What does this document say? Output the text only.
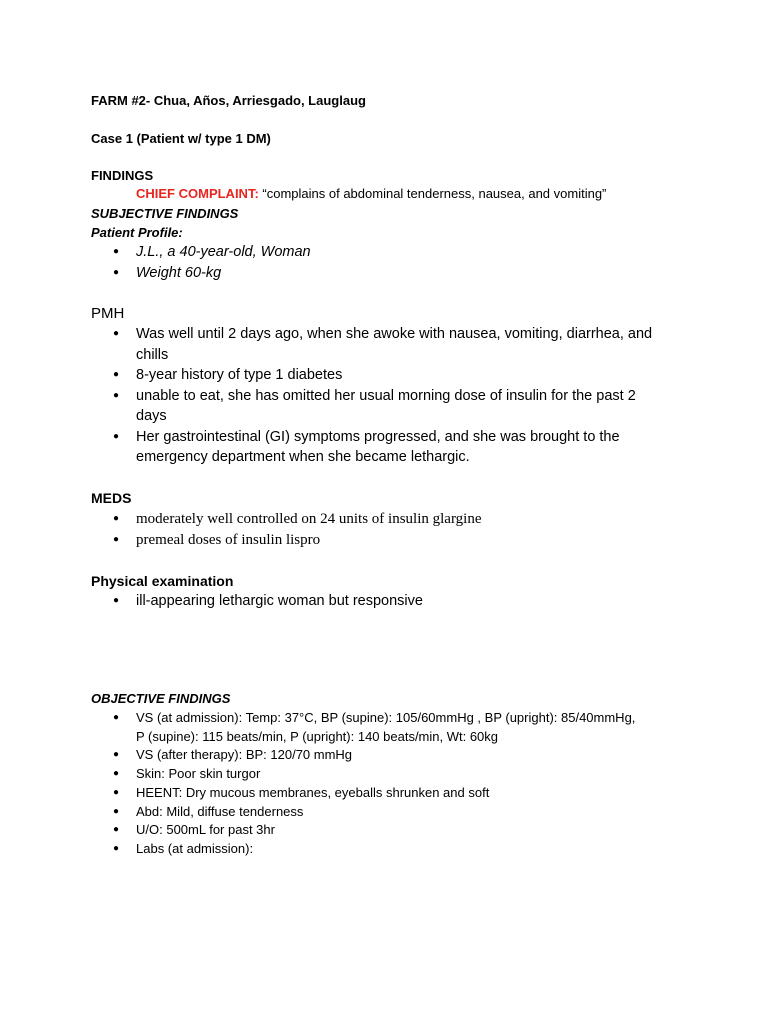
FARM #2- Chua, Años, Arriesgado, Lauglaug
Case 1 (Patient w/ type 1 DM)
FINDINGS
CHIEF COMPLAINT: “complains of abdominal tenderness, nausea, and vomiting”
SUBJECTIVE FINDINGS
Patient Profile:
● J.L., a 40-year-old, Woman
● Weight 60-kg
PMH
● Was well until 2 days ago, when she awoke with nausea, vomiting, diarrhea, and
chills
● 8-year history of type 1 diabetes
● unable to eat, she has omitted her usual morning dose of insulin for the past 2
days
● Her gastrointestinal (GI) symptoms progressed, and she was brought to the
emergency department when she became lethargic.
MEDS
● moderately well controlled on 24 units of insulin glargine
● premeal doses of insulin lispro
Physical examination
● ill-appearing lethargic woman but responsive
OBJECTIVE FINDINGS
● VS (at admission): Temp: 37°C, BP (supine): 105/60mmHg , BP (upright): 85/40mmHg,
P (supine): 115 beats/min, P (upright): 140 beats/min, Wt: 60kg
● VS (after therapy): BP: 120/70 mmHg
● Skin: Poor skin turgor
● HEENT: Dry mucous membranes, eyeballs shrunken and soft
● Abd: Mild, diffuse tenderness
● U/O: 500mL for past 3hr
● Labs (at admission):
